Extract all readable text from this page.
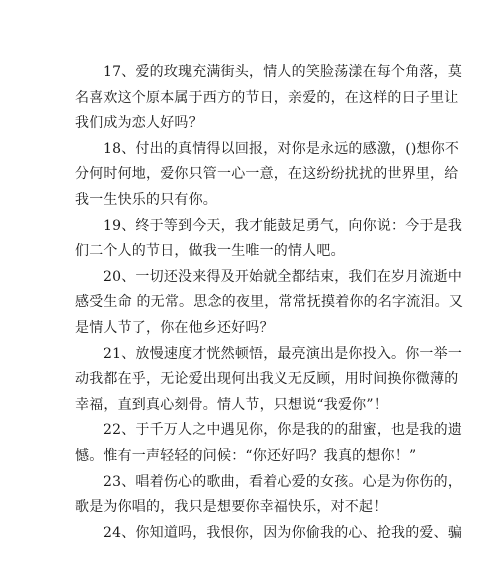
17、爱的玫瑰充满街头，情人的笑脸荡漾在每个角落，莫
名喜欢这个原本属于西方的节日，亲爱的，在这样的日子里让
我们成为恋人好吗？
18、付出的真情得以回报，对你是永远的感激，()想你不
分何时何地，爱你只管一心一意，在这纷纷扰扰的世界里，给
我一生快乐的只有你。
19、终于等到今天，我才能鼓足勇气，向你说：今于是我
们二个人的节日，做我一生唯一的情人吧。
20、一切还没来得及开始就全都结束，我们在岁月流逝中
感受生命 的无常。思念的夜里，常常抚摸着你的名字流泪。又
是情人节了，你在他乡还好吗？
21、放慢速度才恍然顿悟，最亮演出是你投入。你一举一
动我都在乎，无论爱出现何出我义无反顾，用时间换你微薄的
幸福，直到真心刻骨。情人节，只想说“我爱你”！
22、于千万人之中遇见你，你是我的的甜蜜，也是我的遗
憾。惟有一声轻轻的问候：“你还好吗？我真的想你！”
23、唱着伤心的歌曲，看着心爱的女孩。心是为你伤的，
歌是为你唱的，我只是想要你幸福快乐，对不起！
24、你知道吗，我恨你，因为你偷我的心、抢我的爱、骗
